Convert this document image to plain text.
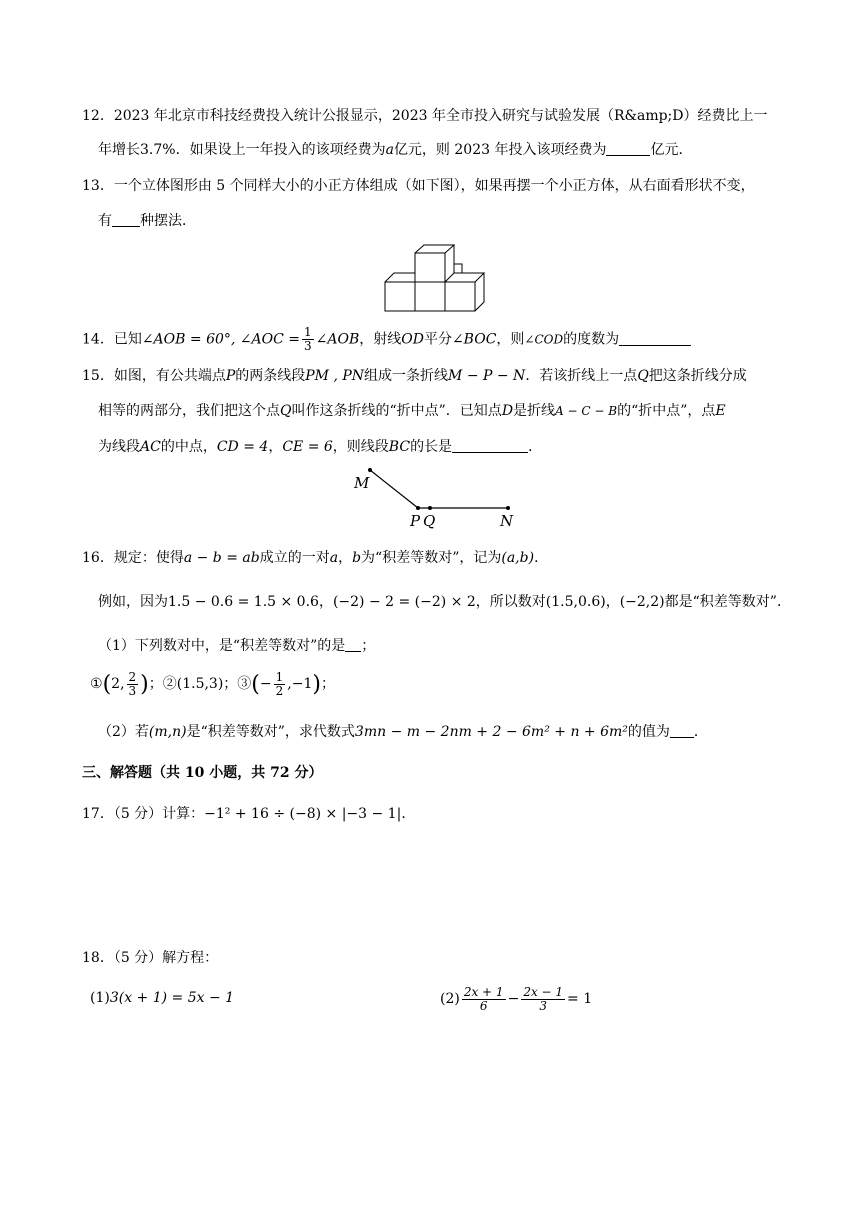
12．2023 年北京市科技经费投入统计公报显示，2023 年全市投入研究与试验发展（R&amp;D）经费比上一
年增长3.7%．如果设上一年投入的该项经费为a亿元，则 2023 年投入该项经费为	亿元．
13．一个立体图形由 5 个同样大小的小正方体组成（如下图），如果再摆一个小正方体，从右面看形状不变，
有 种摆法．
14．已知∠AOB = 60°, ∠AOC = $\frac{1}{3}$ ∠AOB，射线OD平分∠BOC，则∠COD的度数为
15．如图，有公共端点P的两条线段PM , PN组成一条折线M − P − N．若该折线上一点Q把这条折线分成
相等的两部分，我们把这个点Q叫作这条折线的“折中点”．已知点D是折线A − C − B的“折中点”，点E
为线段AC的中点，CD = 4，CE = 6，则线段BC的长是	．
M
P Q	N
16．规定：使得a − b = ab成立的一对a，b为“积差等数对”，记为(a,b)．
例如，因为1.5 − 0.6 = 1.5 × 0.6，(−2) − 2 = (−2) × 2，所以数对(1.5,0.6)，(−2,2)都是“积差等数对”．
（1）下列数对中，是“积差等数对”的是 ；
①(2, $\frac{2}{3}$ )；②(1.5,3)；③(− $\frac{1}{2} ,-1$)；
（2）若(m,n)是“积差等数对”，求代数式3mn − m − 2nm + 2 − 6m² + n + 6m²的值为 ．
三、解答题（共 10 小题，共 72 分）
17．（5 分）计算：−1² + 16 ÷ (−8) × |−3 − 1|．
18．（5 分）解方程：
(1)3(x + 1) = 5x − 1	$(2) \frac{2x + 1}{6} - \frac{2x - 1}{3} = 1$
